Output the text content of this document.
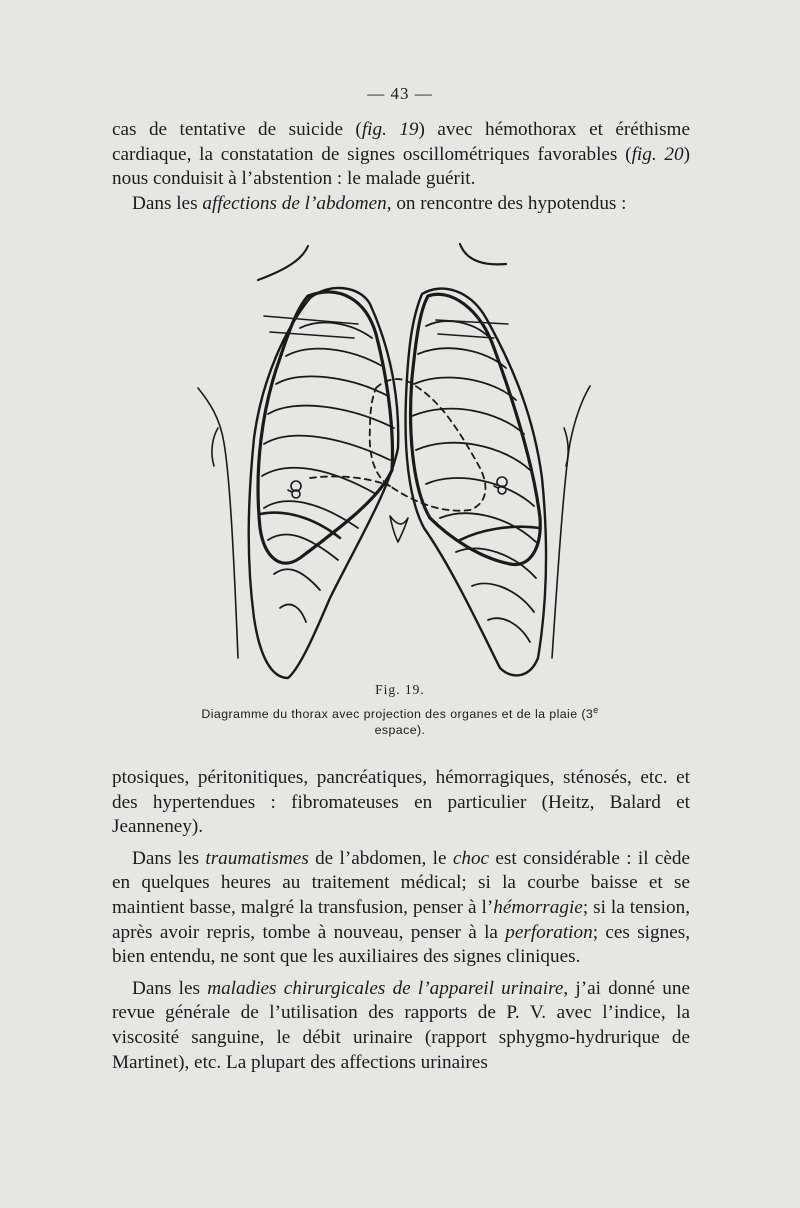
— 43 —

cas de tentative de suicide (fig. 19) avec hémothorax et éréthisme cardiaque, la constatation de signes oscillométriques favorables (fig. 20) nous conduisit à l’abstention : le malade guérit.

Dans les affections de l’abdomen, on rencontre des hypotendus :

Fig. 19.
Diagramme du thorax avec projection des organes et de la plaie (3e espace).

ptosiques, péritonitiques, pancréatiques, hémorragiques, sténosés, etc. et des hypertendues : fibromateuses en particulier (Heitz, Balard et Jeanneney).

Dans les traumatismes de l’abdomen, le choc est considérable : il cède en quelques heures au traitement médical; si la courbe baisse et se maintient basse, malgré la transfusion, penser à l’hémorragie; si la tension, après avoir repris, tombe à nouveau, penser à la perforation; ces signes, bien entendu, ne sont que les auxiliaires des signes cliniques.

Dans les maladies chirurgicales de l’appareil urinaire, j’ai donné une revue générale de l’utilisation des rapports de P. V. avec l’indice, la viscosité sanguine, le débit urinaire (rapport sphygmo-hydrurique de Martinet), etc. La plupart des affections urinaires
